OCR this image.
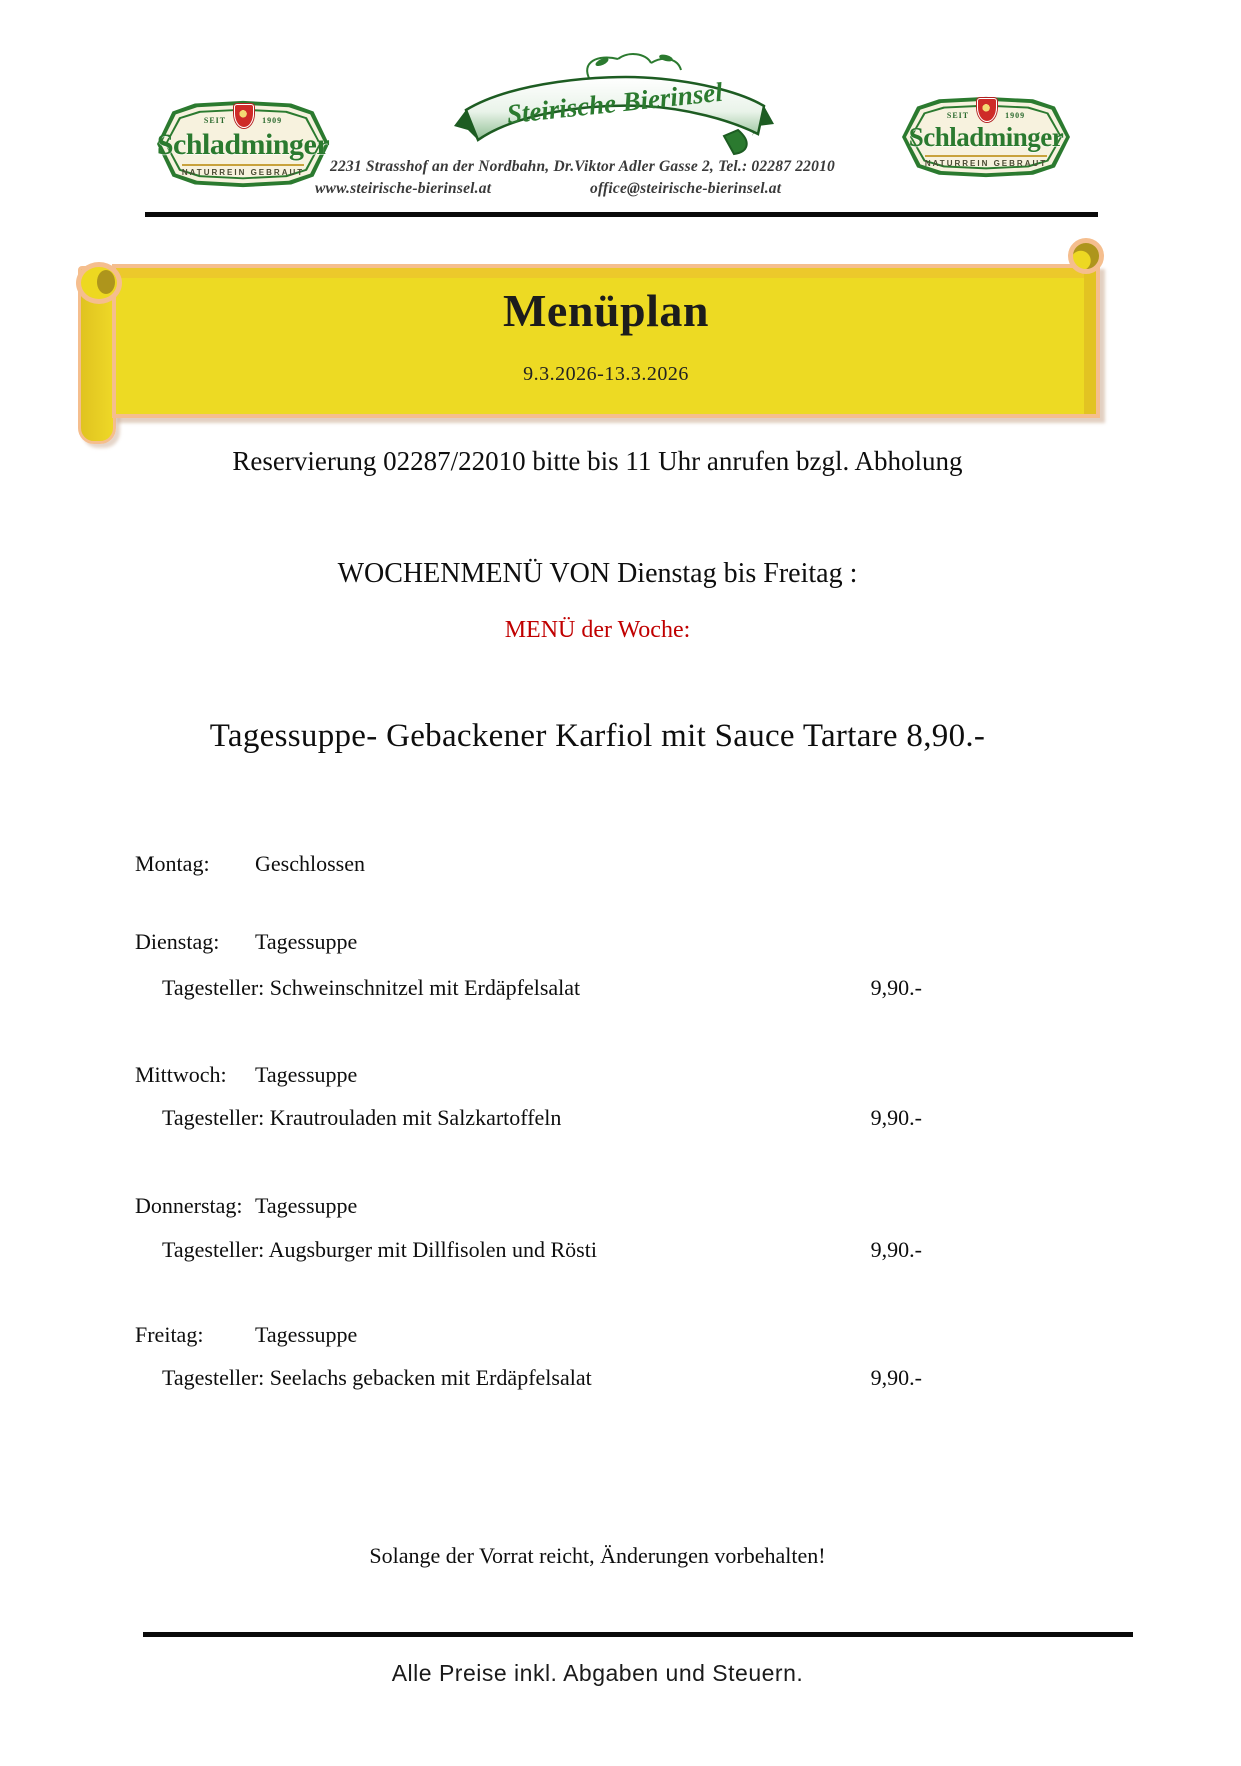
SEIT	1909
Schladminger
NATURREIN GEBRAUT
Steirische Bierinsel	SEIT	1909
Schladminger
NATURREIN GEBRAUT
2231 Strasshof an der Nordbahn, Dr.Viktor Adler Gasse 2, Tel.: 02287 22010
www.steirische-bierinsel.at	office@steirische-bierinsel.at
Menüplan
9.3.2026-13.3.2026
Reservierung 02287/22010 bitte bis 11 Uhr anrufen bzgl. Abholung
WOCHENMENÜ VON Dienstag bis Freitag :
MENÜ der Woche:
Tagessuppe- Gebackener Karfiol mit Sauce Tartare 8,90.-
Montag:	Geschlossen
Dienstag:	Tagessuppe
Tagesteller: Schweinschnitzel mit Erdäpfelsalat	9,90.-
Mittwoch:	Tagessuppe
Tagesteller: Krautrouladen mit Salzkartoffeln	9,90.-
Donnerstag: Tagessuppe
Tagesteller: Augsburger mit Dillfisolen und Rösti	9,90.-
Freitag:	Tagessuppe
Tagesteller: Seelachs gebacken mit Erdäpfelsalat	9,90.-
Solange der Vorrat reicht, Änderungen vorbehalten!
Alle Preise inkl. Abgaben und Steuern.
